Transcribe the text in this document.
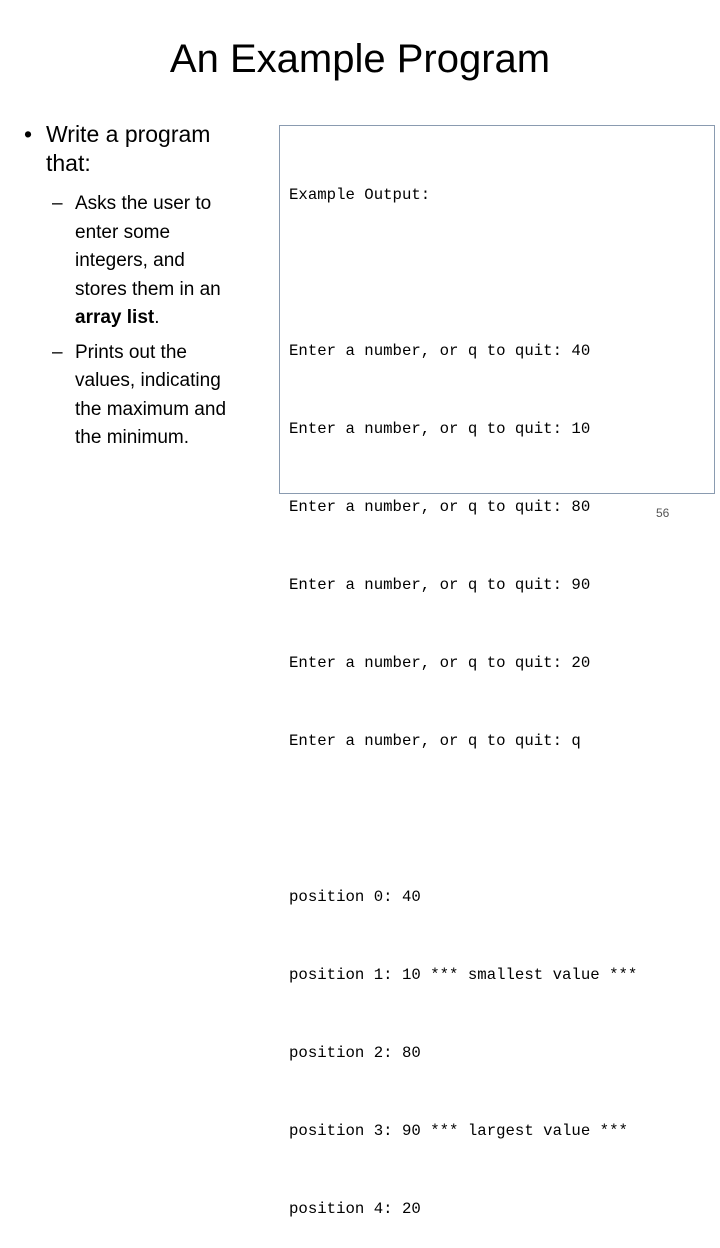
An Example Program
• Write a program
that:
– Asks the user to
enter some
integers, and
stores them in an
array list.
– Prints out the
values, indicating
the maximum and
the minimum.

Example Output:

Enter a number, or q to quit: 40

Enter a number, or q to quit: 10

Enter a number, or q to quit: 80

Enter a number, or q to quit: 90

Enter a number, or q to quit: 20

Enter a number, or q to quit: q

position 0: 40

position 1: 10 *** smallest value ***

position 2: 80

position 3: 90 *** largest value ***

position 4: 20

56
